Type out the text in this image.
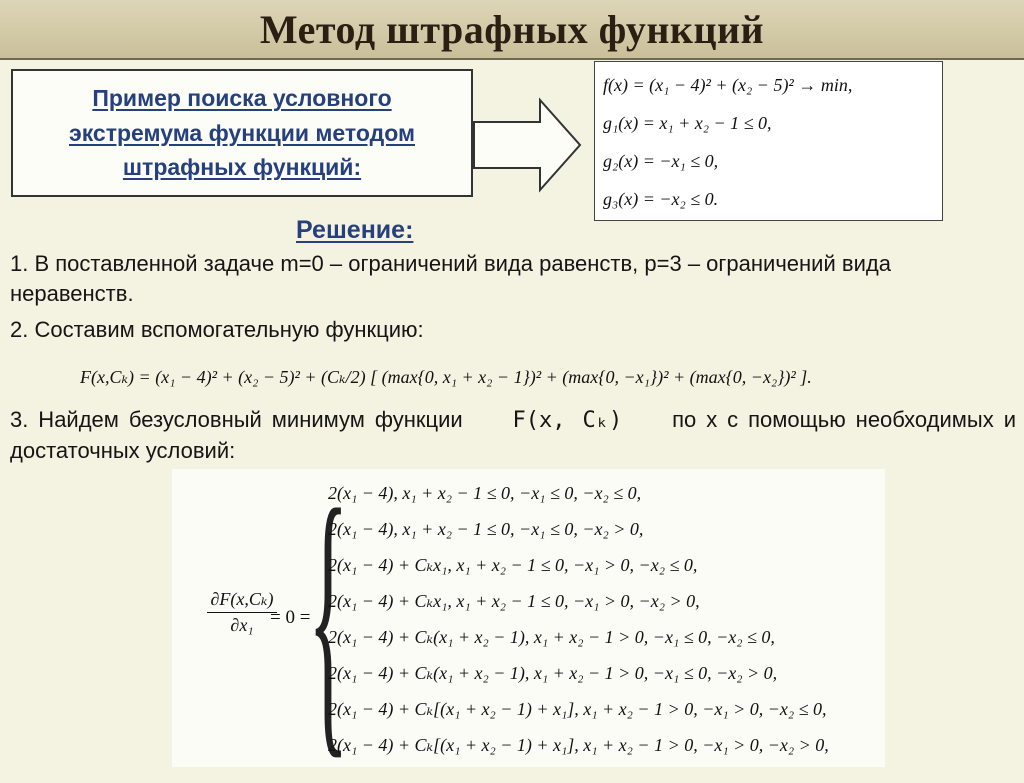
Метод штрафных функций
Пример поиска условного экстремума функции методом штрафных функций:
f(x) = (x₁ − 4)² + (x₂ − 5)² → min,
g₁(x) = x₁ + x₂ − 1 ≤ 0,
g₂(x) = −x₁ ≤ 0,
g₃(x) = −x₂ ≤ 0.
Решение:
1. В поставленной задаче m=0 – ограничений вида равенств, p=3 – ограничений вида неравенств.
2. Составим вспомогательную функцию:
F(x,Cₖ) = (x₁ − 4)² + (x₂ − 5)² + (Cₖ/2) [ (max{0, x₁ + x₂ − 1})² + (max{0, −x₁})² + (max{0, −x₂})² ].
3. Найдем безусловный минимум функции F(x, Cₖ) по x с помощью необходимых и достаточных условий:
$\frac{\text{∂F(x,Cₖ)}}{\text{∂x₁}}$
= 0 =
{
2(x₁ − 4), x₁ + x₂ − 1 ≤ 0, −x₁ ≤ 0, −x₂ ≤ 0,
2(x₁ − 4), x₁ + x₂ − 1 ≤ 0, −x₁ ≤ 0, −x₂ > 0,
2(x₁ − 4) + Cₖx₁, x₁ + x₂ − 1 ≤ 0, −x₁ > 0, −x₂ ≤ 0,
2(x₁ − 4) + Cₖx₁, x₁ + x₂ − 1 ≤ 0, −x₁ > 0, −x₂ > 0,
2(x₁ − 4) + Cₖ(x₁ + x₂ − 1), x₁ + x₂ − 1 > 0, −x₁ ≤ 0, −x₂ ≤ 0,
2(x₁ − 4) + Cₖ(x₁ + x₂ − 1), x₁ + x₂ − 1 > 0, −x₁ ≤ 0, −x₂ > 0,
2(x₁ − 4) + Cₖ[(x₁ + x₂ − 1) + x₁], x₁ + x₂ − 1 > 0, −x₁ > 0, −x₂ ≤ 0,
2(x₁ − 4) + Cₖ[(x₁ + x₂ − 1) + x₁], x₁ + x₂ − 1 > 0, −x₁ > 0, −x₂ > 0,
